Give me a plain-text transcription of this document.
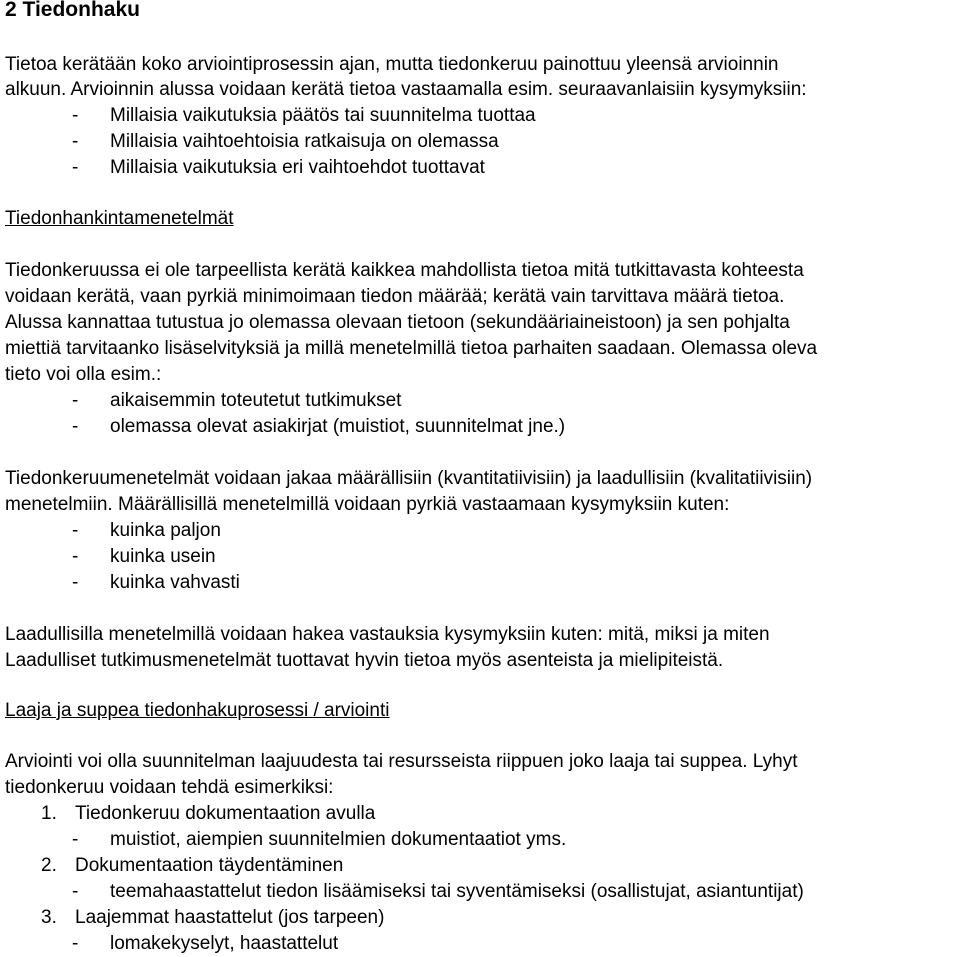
2 Tiedonhaku
Tietoa kerätään koko arviointiprosessin ajan, mutta tiedonkeruu painottuu yleensä arvioinnin
alkuun. Arvioinnin alussa voidaan kerätä tietoa vastaamalla esim. seuraavanlaisiin kysymyksiin:
- Millaisia vaikutuksia päätös tai suunnitelma tuottaa
- Millaisia vaihtoehtoisia ratkaisuja on olemassa
- Millaisia vaikutuksia eri vaihtoehdot tuottavat
Tiedonhankintamenetelmät
Tiedonkeruussa ei ole tarpeellista kerätä kaikkea mahdollista tietoa mitä tutkittavasta kohteesta
voidaan kerätä, vaan pyrkiä minimoimaan tiedon määrää; kerätä vain tarvittava määrä tietoa.
Alussa kannattaa tutustua jo olemassa olevaan tietoon (sekundääriaineistoon) ja sen pohjalta
miettiä tarvitaanko lisäselvityksiä ja millä menetelmillä tietoa parhaiten saadaan. Olemassa oleva
tieto voi olla esim.:
- aikaisemmin toteutetut tutkimukset
- olemassa olevat asiakirjat (muistiot, suunnitelmat jne.)
Tiedonkeruumenetelmät voidaan jakaa määrällisiin (kvantitatiivisiin) ja laadullisiin (kvalitatiivisiin)
menetelmiin. Määrällisillä menetelmillä voidaan pyrkiä vastaamaan kysymyksiin kuten:
- kuinka paljon
- kuinka usein
- kuinka vahvasti
Laadullisilla menetelmillä voidaan hakea vastauksia kysymyksiin kuten: mitä, miksi ja miten
Laadulliset tutkimusmenetelmät tuottavat hyvin tietoa myös asenteista ja mielipiteistä.
Laaja ja suppea tiedonhakuprosessi / arviointi
Arviointi voi olla suunnitelman laajuudesta tai resursseista riippuen joko laaja tai suppea. Lyhyt
tiedonkeruu voidaan tehdä esimerkiksi:
1. Tiedonkeruu dokumentaation avulla
- muistiot, aiempien suunnitelmien dokumentaatiot yms.
2. Dokumentaation täydentäminen
- teemahaastattelut tiedon lisäämiseksi tai syventämiseksi (osallistujat, asiantuntijat)
3. Laajemmat haastattelut (jos tarpeen)
- lomakekyselyt, haastattelut
